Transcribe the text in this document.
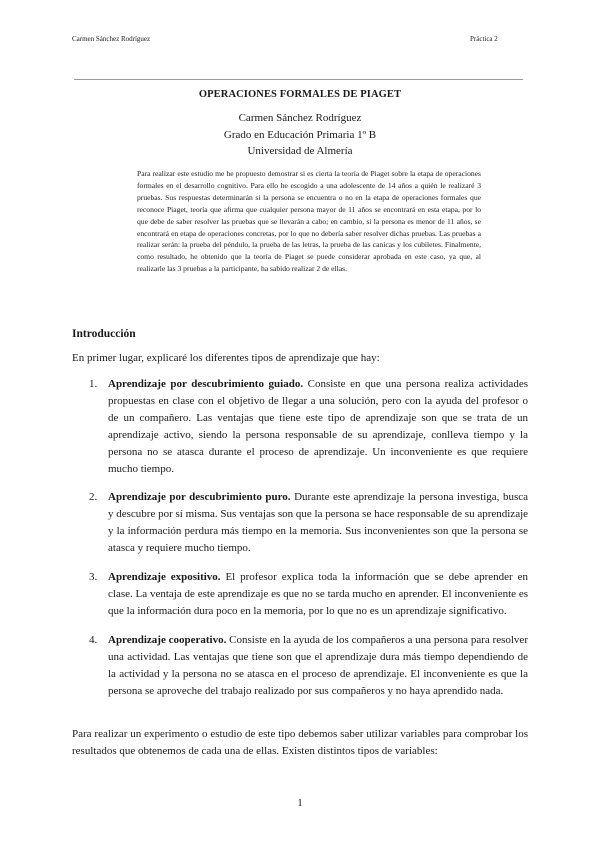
Carmen Sánchez Rodríguez	Práctica 2
OPERACIONES FORMALES DE PIAGET
Carmen Sánchez Rodríguez
Grado en Educación Primaria 1º B
Universidad de Almería

Para realizar este estudio me he propuesto demostrar si es cierta la teoría de Piaget sobre la etapa de operaciones formales en el desarrollo cognitivo. Para ello he escogido a una adolescente de 14 años a quién le realizaré 3 pruebas. Sus respuestas determinarán si la persona se encuentra o no en la etapa de operaciones formales que reconoce Piaget, teoría que afirma que cualquier persona mayor de 11 años se encontrará en esta etapa, por lo que debe de saber resolver las pruebas que se llevarán a cabo; en cambio, si la persona es menor de 11 años, se encontrará en etapa de operaciones concretas, por lo que no debería saber resolver dichas pruebas. Las pruebas a realizar serán: la prueba del péndulo, la prueba de las letras, la prueba de las canicas y los cubiletes. Finalmente, como resultado, he obtenido que la teoría de Piaget se puede considerar aprobada en este caso, ya que, al realizarle las 3 pruebas a la participante, ha sabido realizar 2 de ellas.

Introducción

En primer lugar, explicaré los diferentes tipos de aprendizaje que hay:

1. Aprendizaje por descubrimiento guiado. Consiste en que una persona realiza actividades propuestas en clase con el objetivo de llegar a una solución, pero con la ayuda del profesor o de un compañero. Las ventajas que tiene este tipo de aprendizaje son que se trata de un aprendizaje activo, siendo la persona responsable de su aprendizaje, conlleva tiempo y la persona no se atasca durante el proceso de aprendizaje. Un inconveniente es que requiere mucho tiempo.
2. Aprendizaje por descubrimiento puro. Durante este aprendizaje la persona investiga, busca y descubre por sí misma. Sus ventajas son que la persona se hace responsable de su aprendizaje y la información perdura más tiempo en la memoria. Sus inconvenientes son que la persona se atasca y requiere mucho tiempo.
3. Aprendizaje expositivo. El profesor explica toda la información que se debe aprender en clase. La ventaja de este aprendizaje es que no se tarda mucho en aprender. El inconveniente es que la información dura poco en la memoria, por lo que no es un aprendizaje significativo.
4. Aprendizaje cooperativo. Consiste en la ayuda de los compañeros a una persona para resolver una actividad. Las ventajas que tiene son que el aprendizaje dura más tiempo dependiendo de la actividad y la persona no se atasca en el proceso de aprendizaje. El inconveniente es que la persona se aproveche del trabajo realizado por sus compañeros y no haya aprendido nada.

Para realizar un experimento o estudio de este tipo debemos saber utilizar variables para comprobar los resultados que obtenemos de cada una de ellas. Existen distintos tipos de variables:

1
